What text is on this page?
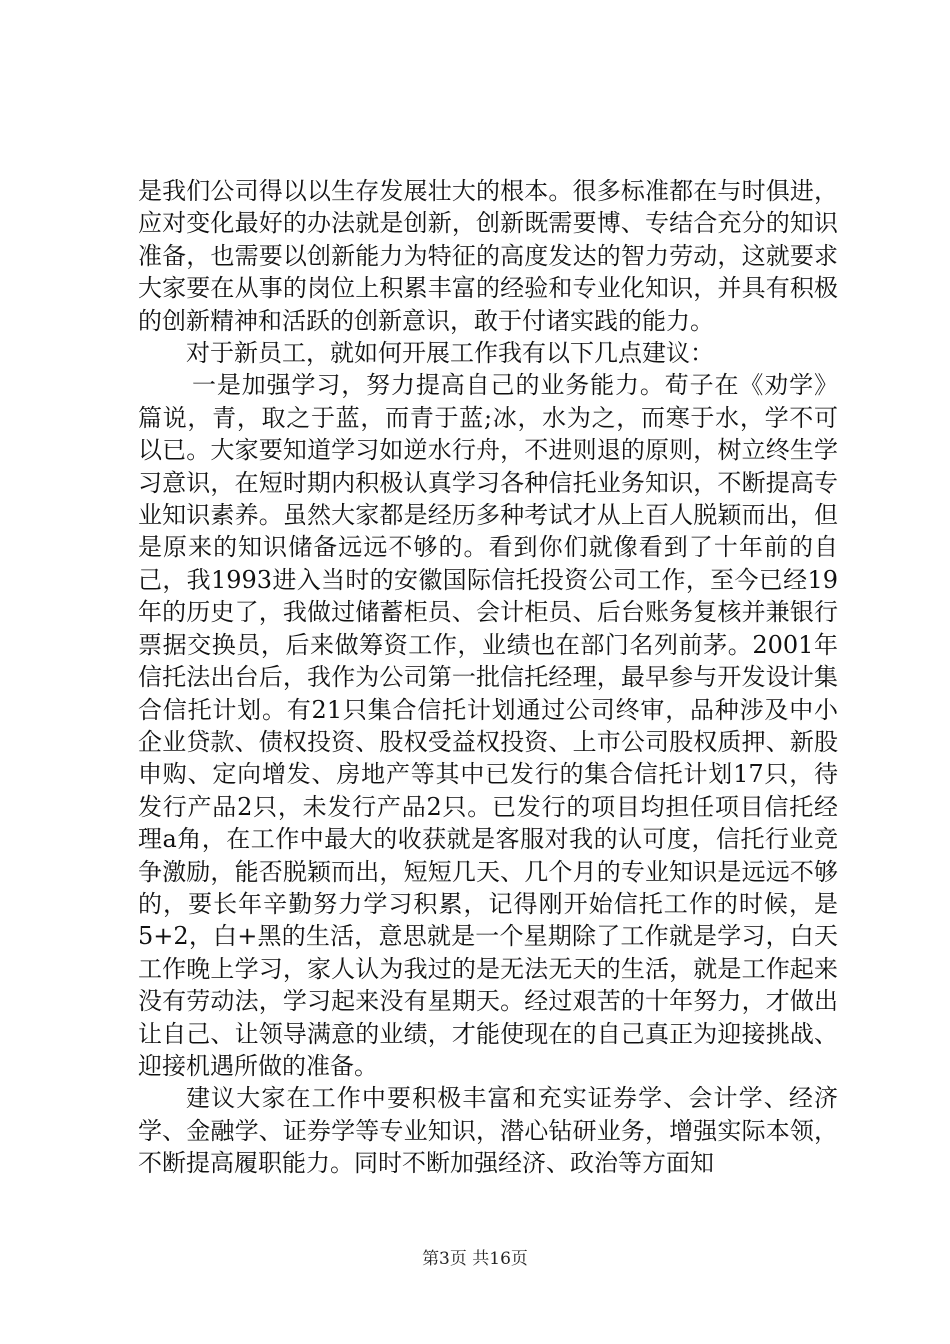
是我们公司得以以生存发展壮大的根本。很多标准都在与时俱进，应对变化最好的办法就是创新，创新既需要博、专结合充分的知识准备，也需要以创新能力为特征的高度发达的智力劳动，这就要求大家要在从事的岗位上积累丰富的经验和专业化知识，并具有积极的创新精神和活跃的创新意识，敢于付诸实践的能力。

对于新员工，就如何开展工作我有以下几点建议：

一是加强学习，努力提高自己的业务能力。荀子在《劝学》篇说，青，取之于蓝，而青于蓝;冰，水为之，而寒于水，学不可以已。大家要知道学习如逆水行舟，不进则退的原则，树立终生学习意识，在短时期内积极认真学习各种信托业务知识，不断提高专业知识素养。虽然大家都是经历多种考试才从上百人脱颖而出，但是原来的知识储备远远不够的。看到你们就像看到了十年前的自己，我1993进入当时的安徽国际信托投资公司工作，至今已经19年的历史了，我做过储蓄柜员、会计柜员、后台账务复核并兼银行票据交换员，后来做筹资工作，业绩也在部门名列前茅。2001年信托法出台后，我作为公司第一批信托经理，最早参与开发设计集合信托计划。有21只集合信托计划通过公司终审，品种涉及中小企业贷款、债权投资、股权受益权投资、上市公司股权质押、新股申购、定向增发、房地产等其中已发行的集合信托计划17只，待发行产品2只，未发行产品2只。已发行的项目均担任项目信托经理a角，在工作中最大的收获就是客服对我的认可度，信托行业竞争激励，能否脱颖而出，短短几天、几个月的专业知识是远远不够的，要长年辛勤努力学习积累，记得刚开始信托工作的时候，是5+2，白+黑的生活，意思就是一个星期除了工作就是学习，白天工作晚上学习，家人认为我过的是无法无天的生活，就是工作起来没有劳动法，学习起来没有星期天。经过艰苦的十年努力，才做出让自己、让领导满意的业绩，才能使现在的自己真正为迎接挑战、迎接机遇所做的准备。

建议大家在工作中要积极丰富和充实证券学、会计学、经济学、金融学、证券学等专业知识，潜心钻研业务，增强实际本领，不断提高履职能力。同时不断加强经济、政治等方面知

第3页 共16页
